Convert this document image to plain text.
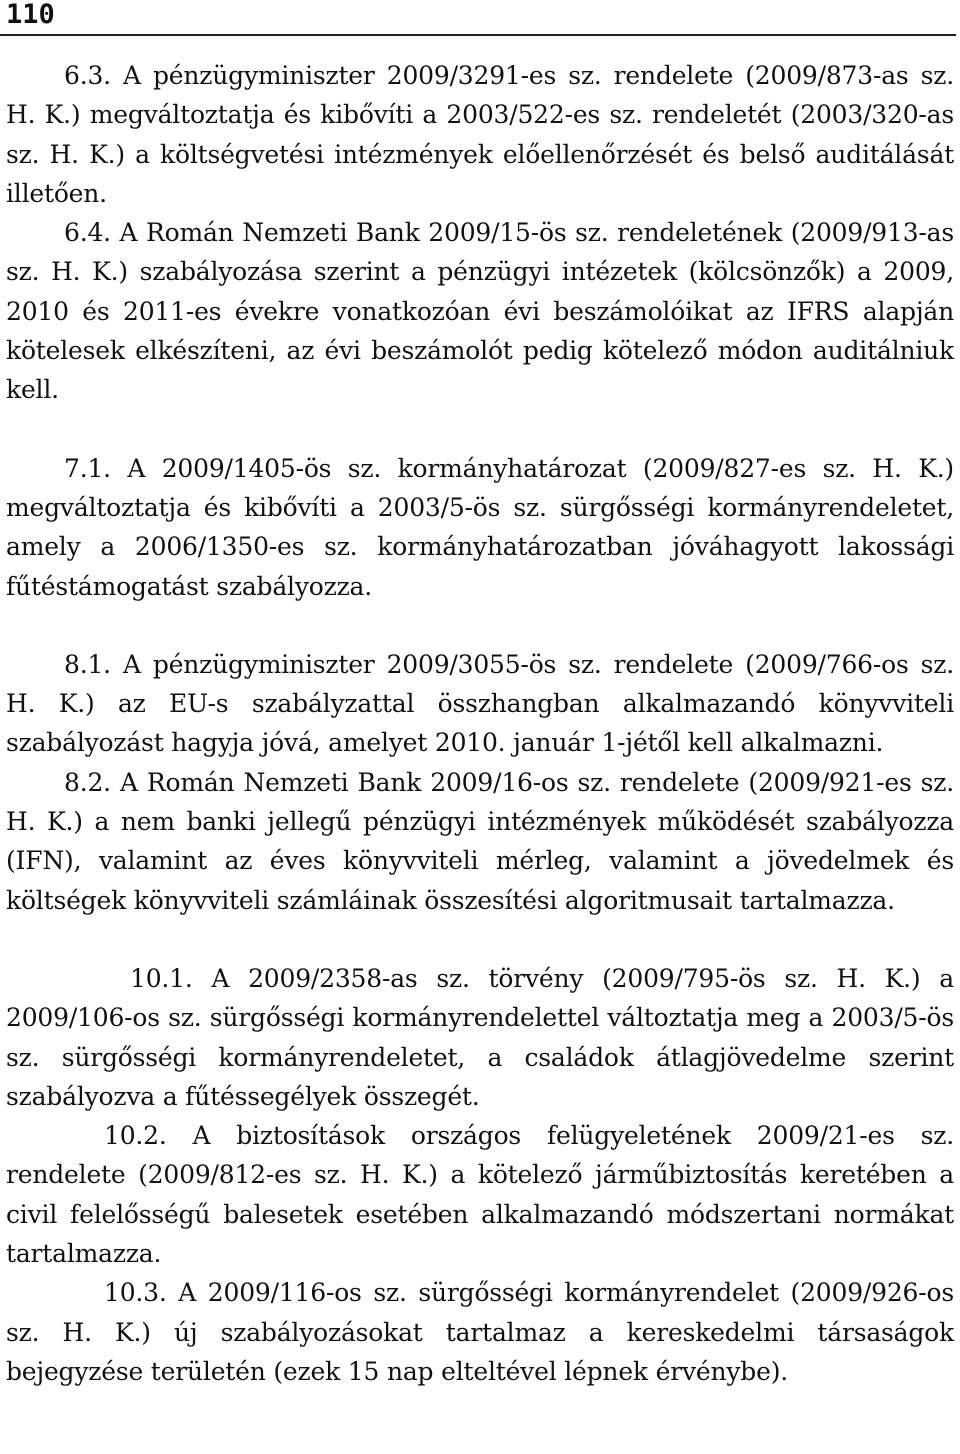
110

6.3. A pénzügyminiszter 2009/3291-es sz. rendelete (2009/873-as sz. H. K.) megváltoztatja és kibővíti a 2003/522-es sz. rendeletét (2003/320-as sz. H. K.) a költségvetési intézmények előellenőrzését és belső auditálását illetően.

6.4. A Román Nemzeti Bank 2009/15-ös sz. rendeletének (2009/913-as sz. H. K.) szabályozása szerint a pénzügyi intézetek (kölcsönzők) a 2009, 2010 és 2011-es évekre vonatkozóan évi beszámolóikat az IFRS alapján kötelesek elkészíteni, az évi beszámolót pedig kötelező módon auditálniuk kell.

7.1. A 2009/1405-ös sz. kormányhatározat (2009/827-es sz. H. K.) megváltoztatja és kibővíti a 2003/5-ös sz. sürgősségi kormányrendeletet, amely a 2006/1350-es sz. kormányhatározatban jóváhagyott lakossági fűtéstámogatást szabályozza.

8.1. A pénzügyminiszter 2009/3055-ös sz. rendelete (2009/766-os sz. H. K.) az EU-s szabályzattal összhangban alkalmazandó könyvviteli szabályozást hagyja jóvá, amelyet 2010. január 1-jétől kell alkalmazni.

8.2. A Román Nemzeti Bank 2009/16-os sz. rendelete (2009/921-es sz. H. K.) a nem banki jellegű pénzügyi intézmények működését szabályozza (IFN), valamint az éves könyvviteli mérleg, valamint a jövedelmek és költségek könyvviteli számláinak összesítési algoritmusait tartalmazza.

10.1. A 2009/2358-as sz. törvény (2009/795-ös sz. H. K.) a 2009/106-os sz. sürgősségi kormányrendelettel változtatja meg a 2003/5-ös sz. sürgősségi kormányrendeletet, a családok átlagjövedelme szerint szabályozva a fűtéssegélyek összegét.

10.2. A biztosítások országos felügyeletének 2009/21-es sz. rendelete (2009/812-es sz. H. K.) a kötelező járműbiztosítás keretében a civil felelősségű balesetek esetében alkalmazandó módszertani normákat tartalmazza.

10.3. A 2009/116-os sz. sürgősségi kormányrendelet (2009/926-os sz. H. K.) új szabályozásokat tartalmaz a kereskedelmi társaságok bejegyzése területén (ezek 15 nap elteltével lépnek érvénybe).
